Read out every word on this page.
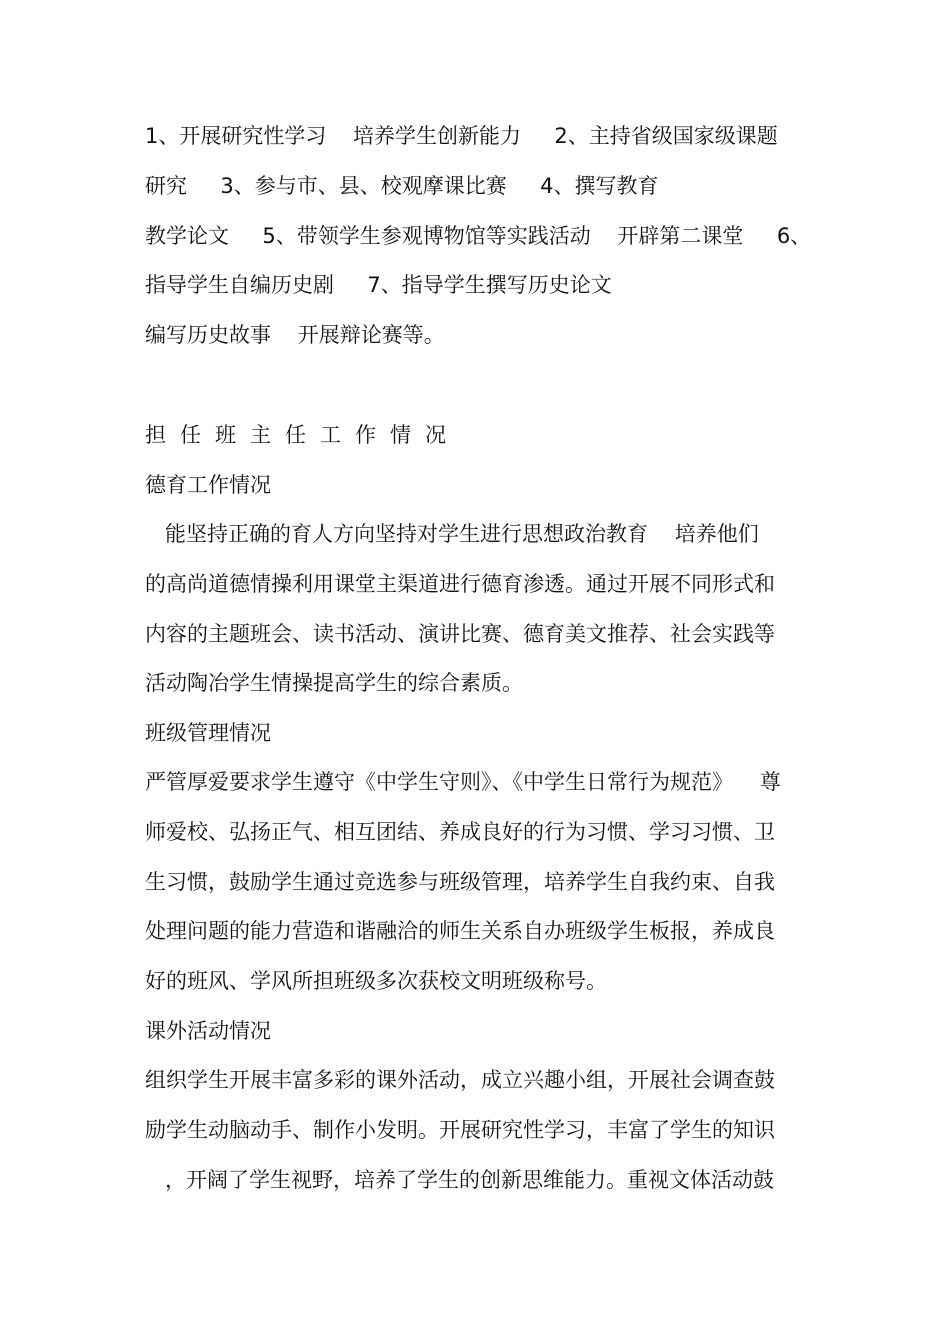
1、开展研究性学习    培养学生创新能力     2、主持省级国家级课题
研究     3、参与市、县、校观摩课比赛     4、撰写教育
教学论文     5、带领学生参观博物馆等实践活动    开辟第二课堂     6、
指导学生自编历史剧     7、指导学生撰写历史论文
编写历史故事    开展辩论赛等。
担任班主任工作情况
德育工作情况
能坚持正确的育人方向坚持对学生进行思想政治教育    培养他们
的高尚道德情操利用课堂主渠道进行德育渗透。通过开展不同形式和
内容的主题班会、读书活动、演讲比赛、德育美文推荐、社会实践等
活动陶冶学生情操提高学生的综合素质。
班级管理情况
严管厚爱要求学生遵守《中学生守则》、《中学生日常行为规范》    尊
师爱校、弘扬正气、相互团结、养成良好的行为习惯、学习习惯、卫
生习惯，鼓励学生通过竞选参与班级管理，培养学生自我约束、自我
处理问题的能力营造和谐融洽的师生关系自办班级学生板报，养成良
好的班风、学风所担班级多次获校文明班级称号。
课外活动情况
组织学生开展丰富多彩的课外活动，成立兴趣小组，开展社会调查鼓
励学生动脑动手、制作小发明。开展研究性学习，丰富了学生的知识
，开阔了学生视野，培养了学生的创新思维能力。重视文体活动鼓
